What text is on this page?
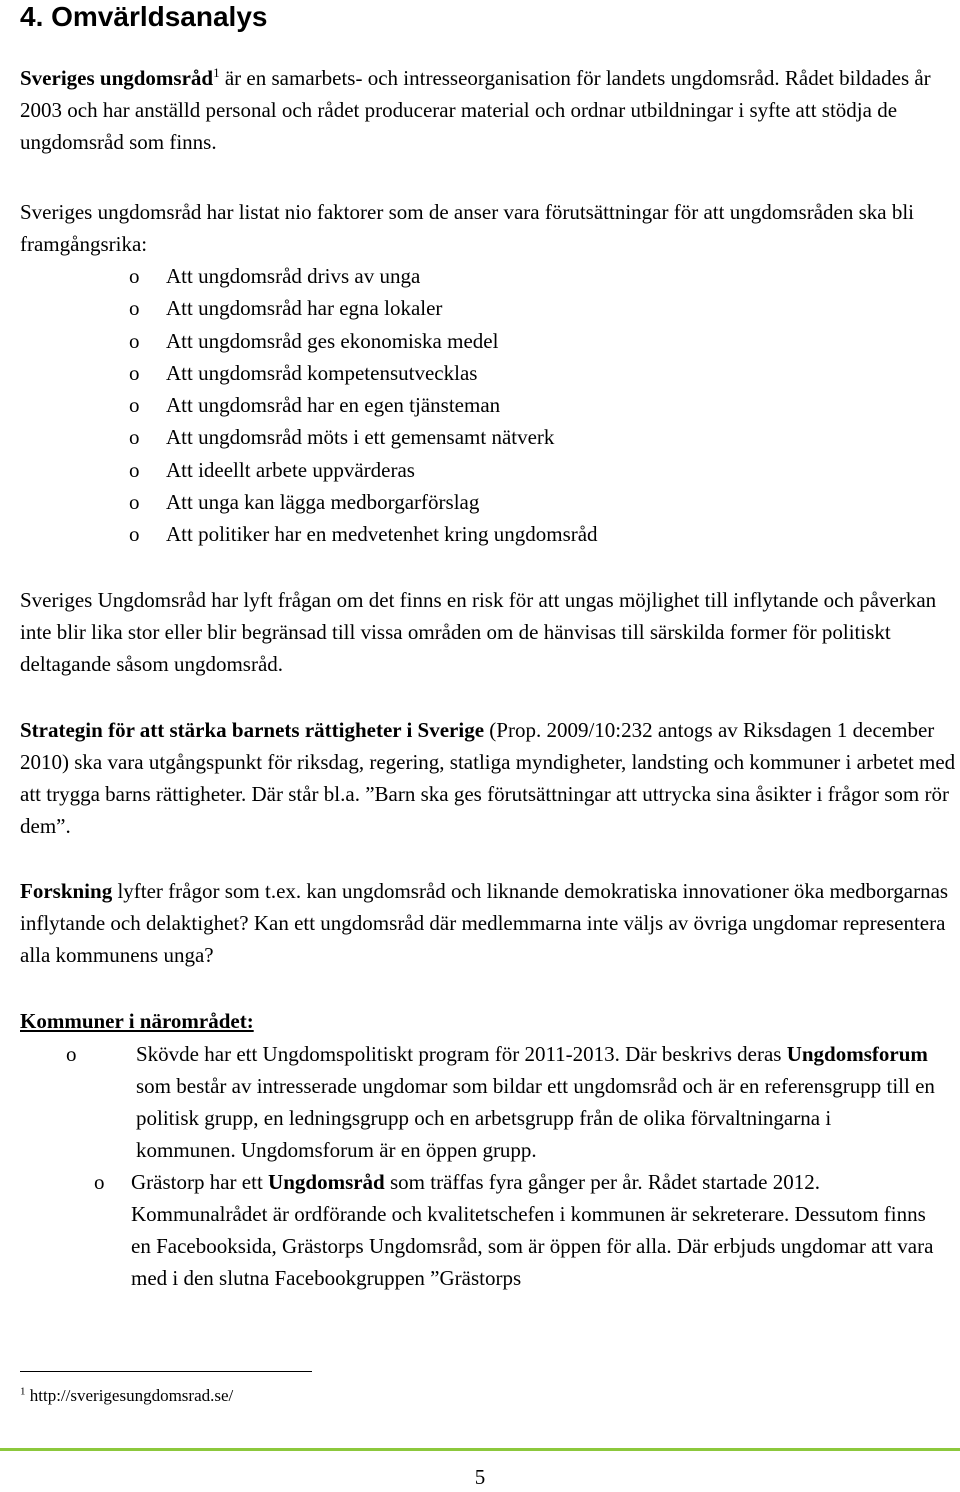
4. Omvärldsanalys

Sveriges ungdomsråd$^1$ är en samarbets- och intresseorganisation för landets ungdomsråd. Rådet bildades år 2003 och har anställd personal och rådet producerar material och ordnar utbildningar i syfte att stödja de ungdomsråd som finns.

Sveriges ungdomsråd har listat nio faktorer som de anser vara förutsättningar för att ungdomsråden ska bli framgångsrika:

o Att ungdomsråd drivs av unga
o Att ungdomsråd har egna lokaler
o Att ungdomsråd ges ekonomiska medel
o Att ungdomsråd kompetensutvecklas
o Att ungdomsråd har en egen tjänsteman
o Att ungdomsråd möts i ett gemensamt nätverk
o Att ideellt arbete uppvärderas
o Att unga kan lägga medborgarförslag
o Att politiker har en medvetenhet kring ungdomsråd

Sveriges Ungdomsråd har lyft frågan om det finns en risk för att ungas möjlighet till inflytande och påverkan inte blir lika stor eller blir begränsad till vissa områden om de hänvisas till särskilda former för politiskt deltagande såsom ungdomsråd.

Strategin för att stärka barnets rättigheter i Sverige (Prop. 2009/10:232 antogs av Riksdagen 1 december 2010) ska vara utgångspunkt för riksdag, regering, statliga myndigheter, landsting och kommuner i arbetet med att trygga barns rättigheter. Där står bl.a. ”Barn ska ges förutsättningar att uttrycka sina åsikter i frågor som rör dem”.

Forskning lyfter frågor som t.ex. kan ungdomsråd och liknande demokratiska innovationer öka medborgarnas inflytande och delaktighet? Kan ett ungdomsråd där medlemmarna inte väljs av övriga ungdomar representera alla kommunens unga?

Kommuner i närområdet:

o	Skövde har ett Ungdomspolitiskt program för 2011-2013. Där beskrivs deras Ungdomsforum som består av intresserade ungdomar som bildar ett ungdomsråd och är en referensgrupp till en politisk grupp, en ledningsgrupp och en arbetsgrupp från de olika förvaltningarna i kommunen. Ungdomsforum är en öppen grupp.
o Grästorp har ett Ungdomsråd som träffas fyra gånger per år. Rådet startade 2012. Kommunalrådet är ordförande och kvalitetschefen i kommunen är sekreterare. Dessutom finns en Facebooksida, Grästorps Ungdomsråd, som är öppen för alla. Där erbjuds ungdomar att vara med i den slutna Facebookgruppen ”Grästorps
$^1$ http://sverigesungdomsrad.se/
5
